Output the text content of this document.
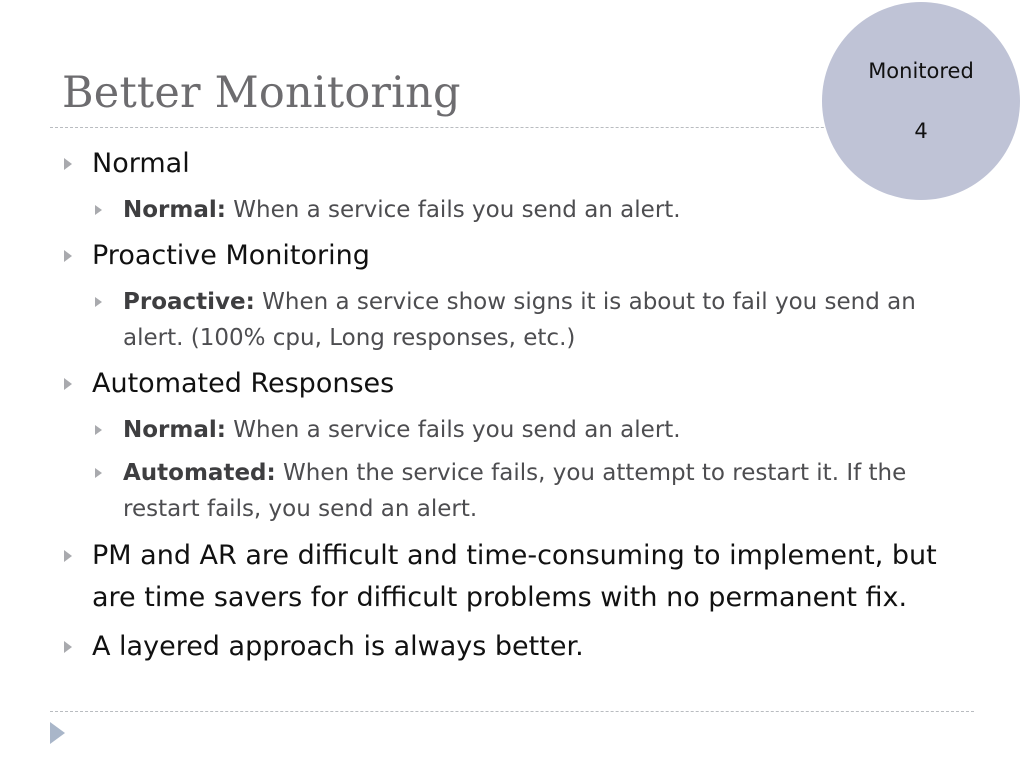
Better Monitoring	Monitored
4
Normal
Normal: When a service fails you send an alert.
Proactive Monitoring
Proactive: When a service show signs it is about to fail you send an alert. (100% cpu, Long responses, etc.)
Automated Responses
Normal: When a service fails you send an alert.
Automated: When the service fails, you attempt to restart it. If the restart fails, you send an alert.
PM and AR are difficult and time-consuming to implement, but are time savers for difficult problems with no permanent fix.
A layered approach is always better.
